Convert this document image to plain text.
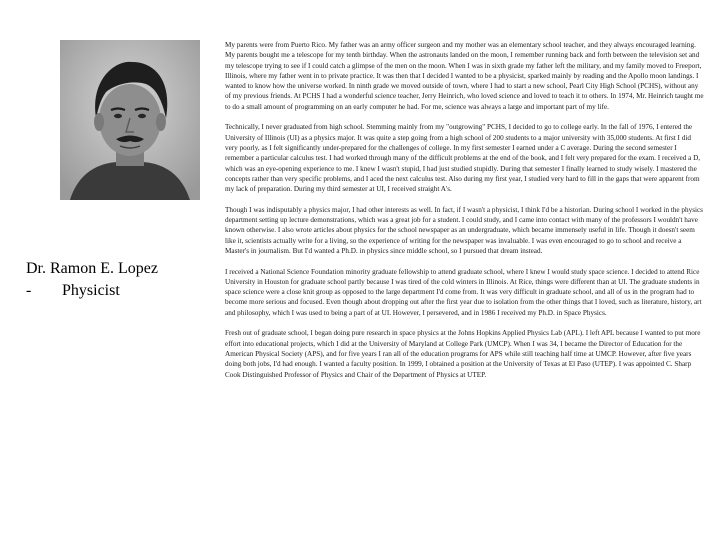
Dr. Ramon E. Lopez
-	Physicist

My parents were from Puerto Rico. My father was an army officer surgeon and my mother was an elementary school teacher, and they always encouraged learning. My parents bought me a telescope for my tenth birthday. When the astronauts landed on the moon, I remember running back and forth between the television set and my telescope trying to see if I could catch a glimpse of the men on the moon. When I was in sixth grade my father left the military, and my family moved to Freeport, Illinois, where my father went in to private practice. It was then that I decided I wanted to be a physicist, sparked mainly by reading and the Apollo moon landings. I wanted to know how the universe worked. In ninth grade we moved outside of town, where I had to start a new school, Pearl City High School (PCHS), without any of my previous friends. At PCHS I had a wonderful science teacher, Jerry Heinrich, who loved science and loved to teach it to others. In 1974, Mr. Heinrich taught me to do a small amount of programming on an early computer he had. For me, science was always a large and important part of my life.

Technically, I never graduated from high school. Stemming mainly from my "outgrowing" PCHS, I decided to go to college early. In the fall of 1976, I entered the University of Illinois (UI) as a physics major. It was quite a step going from a high school of 200 students to a major university with 35,000 students. At first I did very poorly, as I felt significantly under-prepared for the challenges of college. In my first semester I earned under a C average. During the second semester I remember a particular calculus test. I had worked through many of the difficult problems at the end of the book, and I felt very prepared for the exam. I received a D, which was an eye-opening experience to me. I knew I wasn't stupid, I had just studied stupidly. During that semester I finally learned to study wisely. I mastered the concepts rather than very specific problems, and I aced the next calculus test. Also during my first year, I studied very hard to fill in the gaps that were apparent from my lack of preparation. During my third semester at UI, I received straight A's.

Though I was indisputably a physics major, I had other interests as well. In fact, if I wasn't a physicist, I think I'd be a historian. During school I worked in the physics department setting up lecture demonstrations, which was a great job for a student. I could study, and I came into contact with many of the professors I wouldn't have known otherwise. I also wrote articles about physics for the school newspaper as an undergraduate, which became immensely useful in life. Though it doesn't seem like it, scientists actually write for a living, so the experience of writing for the newspaper was invaluable. I was even encouraged to go to school and receive a Master's in journalism. But I'd wanted a Ph.D. in physics since middle school, so I pursued that dream instead.

I received a National Science Foundation minority graduate fellowship to attend graduate school, where I knew I would study space science. I decided to attend Rice University in Houston for graduate school partly because I was tired of the cold winters in Illinois. At Rice, things were different than at UI. The graduate students in space science were a close knit group as opposed to the large department I'd come from. It was very difficult in graduate school, and all of us in the program had to become more serious and focused. Even though about dropping out after the first year due to isolation from the other things that I loved, such as literature, history, art and philosophy, which I was used to being a part of at UI. However, I persevered, and in 1986 I received my Ph.D. in Space Physics.

Fresh out of graduate school, I began doing pure research in space physics at the Johns Hopkins Applied Physics Lab (APL). I left APL because I wanted to put more effort into educational projects, which I did at the University of Maryland at College Park (UMCP). When I was 34, I became the Director of Education for the American Physical Society (APS), and for five years I ran all of the education programs for APS while still teaching half time at UMCP. However, after five years doing both jobs, I'd had enough. I wanted a faculty position. In 1999, I obtained a position at the University of Texas at El Paso (UTEP). I was appointed C. Sharp Cook Distinguished Professor of Physics and Chair of the Department of Physics at UTEP.
